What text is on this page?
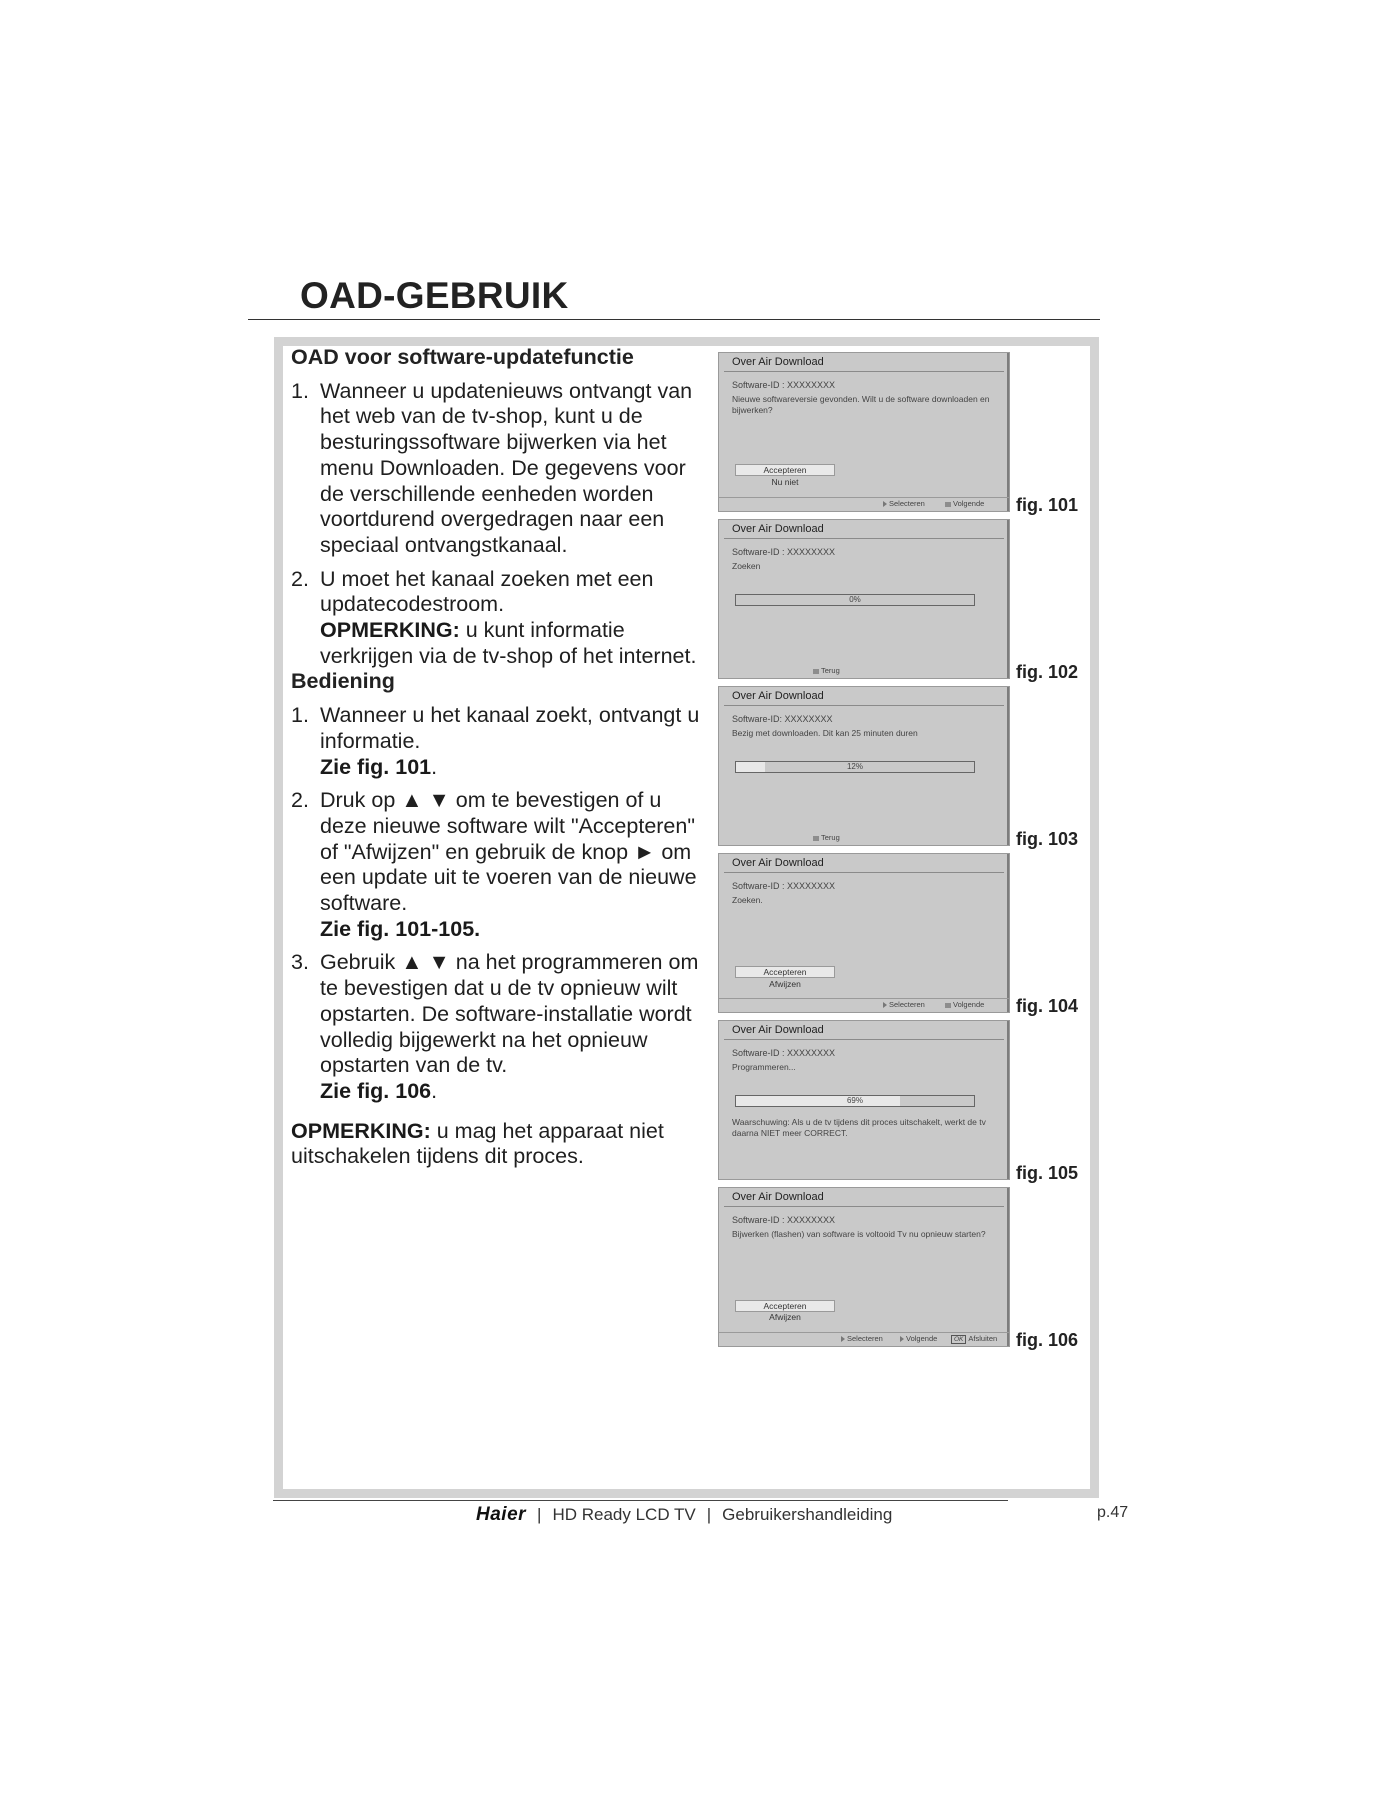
OAD-GEBRUIK
OAD voor software-updatefunctie
1. Wanneer u updatenieuws ontvangt van het web van de tv-shop, kunt u de besturingssoftware bijwerken via het menu Downloaden. De gegevens voor de verschillende eenheden worden voortdurend overgedragen naar een speciaal ontvangstkanaal.
2. U moet het kanaal zoeken met een updatecodestroom.
OPMERKING: u kunt informatie verkrijgen via de tv-shop of het internet.
Bediening
1. Wanneer u het kanaal zoekt, ontvangt u informatie.
Zie fig. 101.
2. Druk op ▲ ▼ om te bevestigen of u deze nieuwe software wilt "Accepteren" of "Afwijzen" en gebruik de knop ► om een update uit te voeren van de nieuwe software.
Zie fig. 101-105.
3. Gebruik ▲ ▼ na het programmeren om te bevestigen dat u de tv opnieuw wilt opstarten. De software-installatie wordt volledig bijgewerkt na het opnieuw opstarten van de tv.
Zie fig. 106.
OPMERKING: u mag het apparaat niet uitschakelen tijdens dit proces.
Over Air Download
Software-ID : XXXXXXXX
Nieuwe softwareversie gevonden. Wilt u de software downloaden en bijwerken?
Accepteren
Nu niet
Selecteren	Volgende fig. 101
Over Air Download
Software-ID : XXXXXXXX
Zoeken
0%
Terug	fig. 102
Over Air Download
Software-ID: XXXXXXXX
Bezig met downloaden. Dit kan 25 minuten duren
12%
Terug	fig. 103
Over Air Download
Software-ID : XXXXXXXX
Zoeken.
Accepteren
Afwijzen
Selecteren	Volgende fig. 104
Over Air Download
Software-ID : XXXXXXXX
Programmeren...
69%
Waarschuwing: Als u de tv tijdens dit proces uitschakelt, werkt de tv daarna NIET meer CORRECT.
fig. 105
Over Air Download
Software-ID : XXXXXXXX
Bijwerken (flashen) van software is voltooid Tv nu opnieuw starten?
Accepteren
Afwijzen
Selecteren	Volgende	OK Afsluiten fig. 106
Haier | HD Ready LCD TV | Gebruikershandleiding	p.47
